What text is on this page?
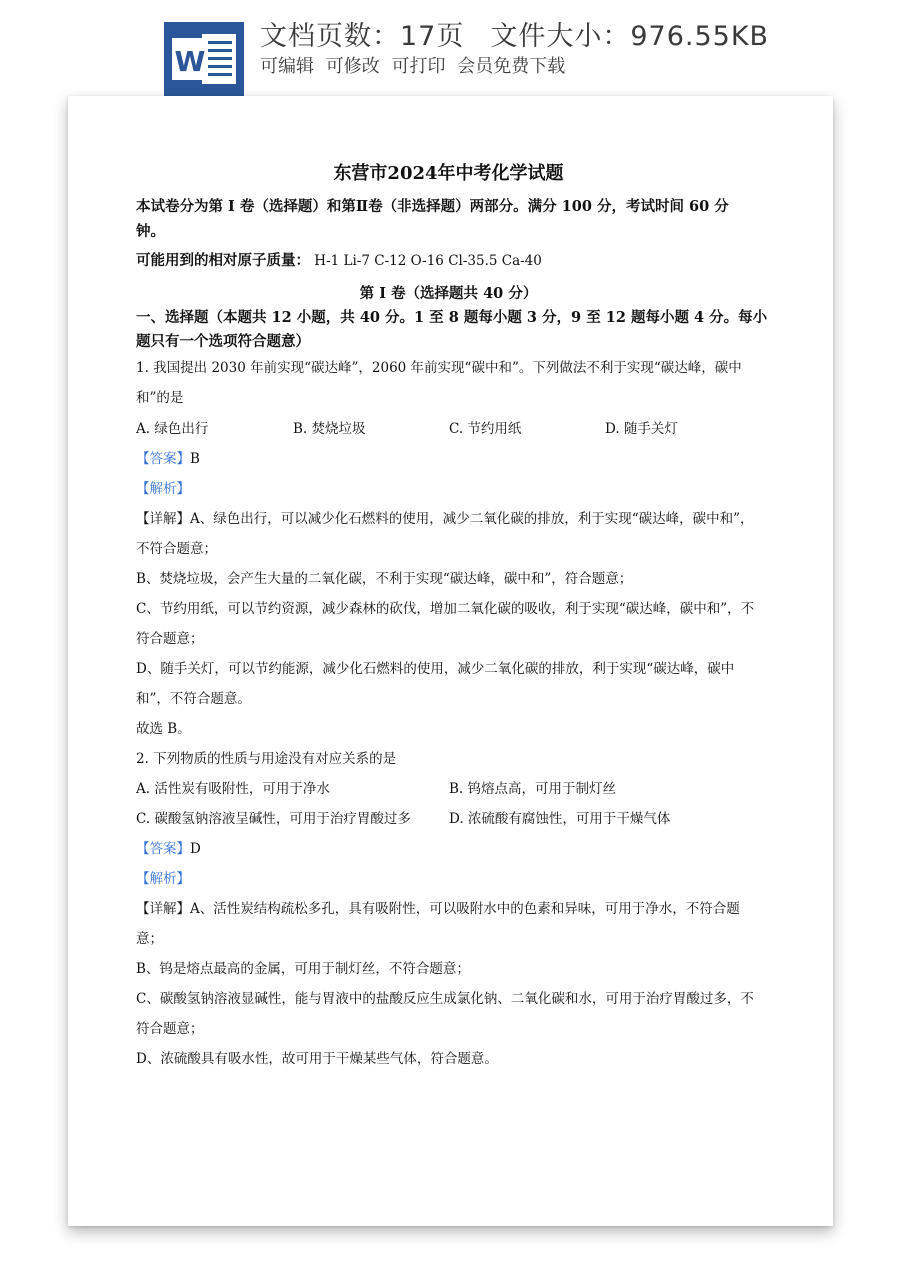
W
文档页数：17页 文件大小：976.55KB
可编辑 可修改 可打印 会员免费下载
东营市2024年中考化学试题
本试卷分为第 I 卷（选择题）和第Ⅱ卷（非选择题）两部分。满分 100 分，考试时间 60 分
钟。
可能用到的相对原子质量： H-1 Li-7 C-12 O-16 Cl-35.5 Ca-40
第 I 卷（选择题共 40 分）
一、选择题（本题共 12 小题，共 40 分。1 至 8 题每小题 3 分，9 至 12 题每小题 4 分。每小
题只有一个选项符合题意）
1. 我国提出 2030 年前实现“碳达峰”，2060 年前实现“碳中和”。下列做法不利于实现“碳达峰，碳中
和”的是
A. 绿色出行	B. 焚烧垃圾	C. 节约用纸	D. 随手关灯
【答案】B
【解析】
【详解】A、绿色出行，可以减少化石燃料的使用，减少二氧化碳的排放，利于实现“碳达峰，碳中和”，
不符合题意；
B、焚烧垃圾，会产生大量的二氧化碳，不利于实现“碳达峰，碳中和”，符合题意；
C、节约用纸，可以节约资源，减少森林的砍伐，增加二氧化碳的吸收，利于实现“碳达峰，碳中和”，不
符合题意；
D、随手关灯，可以节约能源，减少化石燃料的使用，减少二氧化碳的排放，利于实现“碳达峰，碳中
和”，不符合题意。
故选 B。
2. 下列物质的性质与用途没有对应关系的是
A. 活性炭有吸附性，可用于净水	B. 钨熔点高，可用于制灯丝
C. 碳酸氢钠溶液呈碱性，可用于治疗胃酸过多	D. 浓硫酸有腐蚀性，可用于干燥气体
【答案】D
【解析】
【详解】A、活性炭结构疏松多孔，具有吸附性，可以吸附水中的色素和异味，可用于净水，不符合题
意；
B、钨是熔点最高的金属，可用于制灯丝，不符合题意；
C、碳酸氢钠溶液显碱性，能与胃液中的盐酸反应生成氯化钠、二氧化碳和水，可用于治疗胃酸过多，不
符合题意；
D、浓硫酸具有吸水性，故可用于干燥某些气体，符合题意。
